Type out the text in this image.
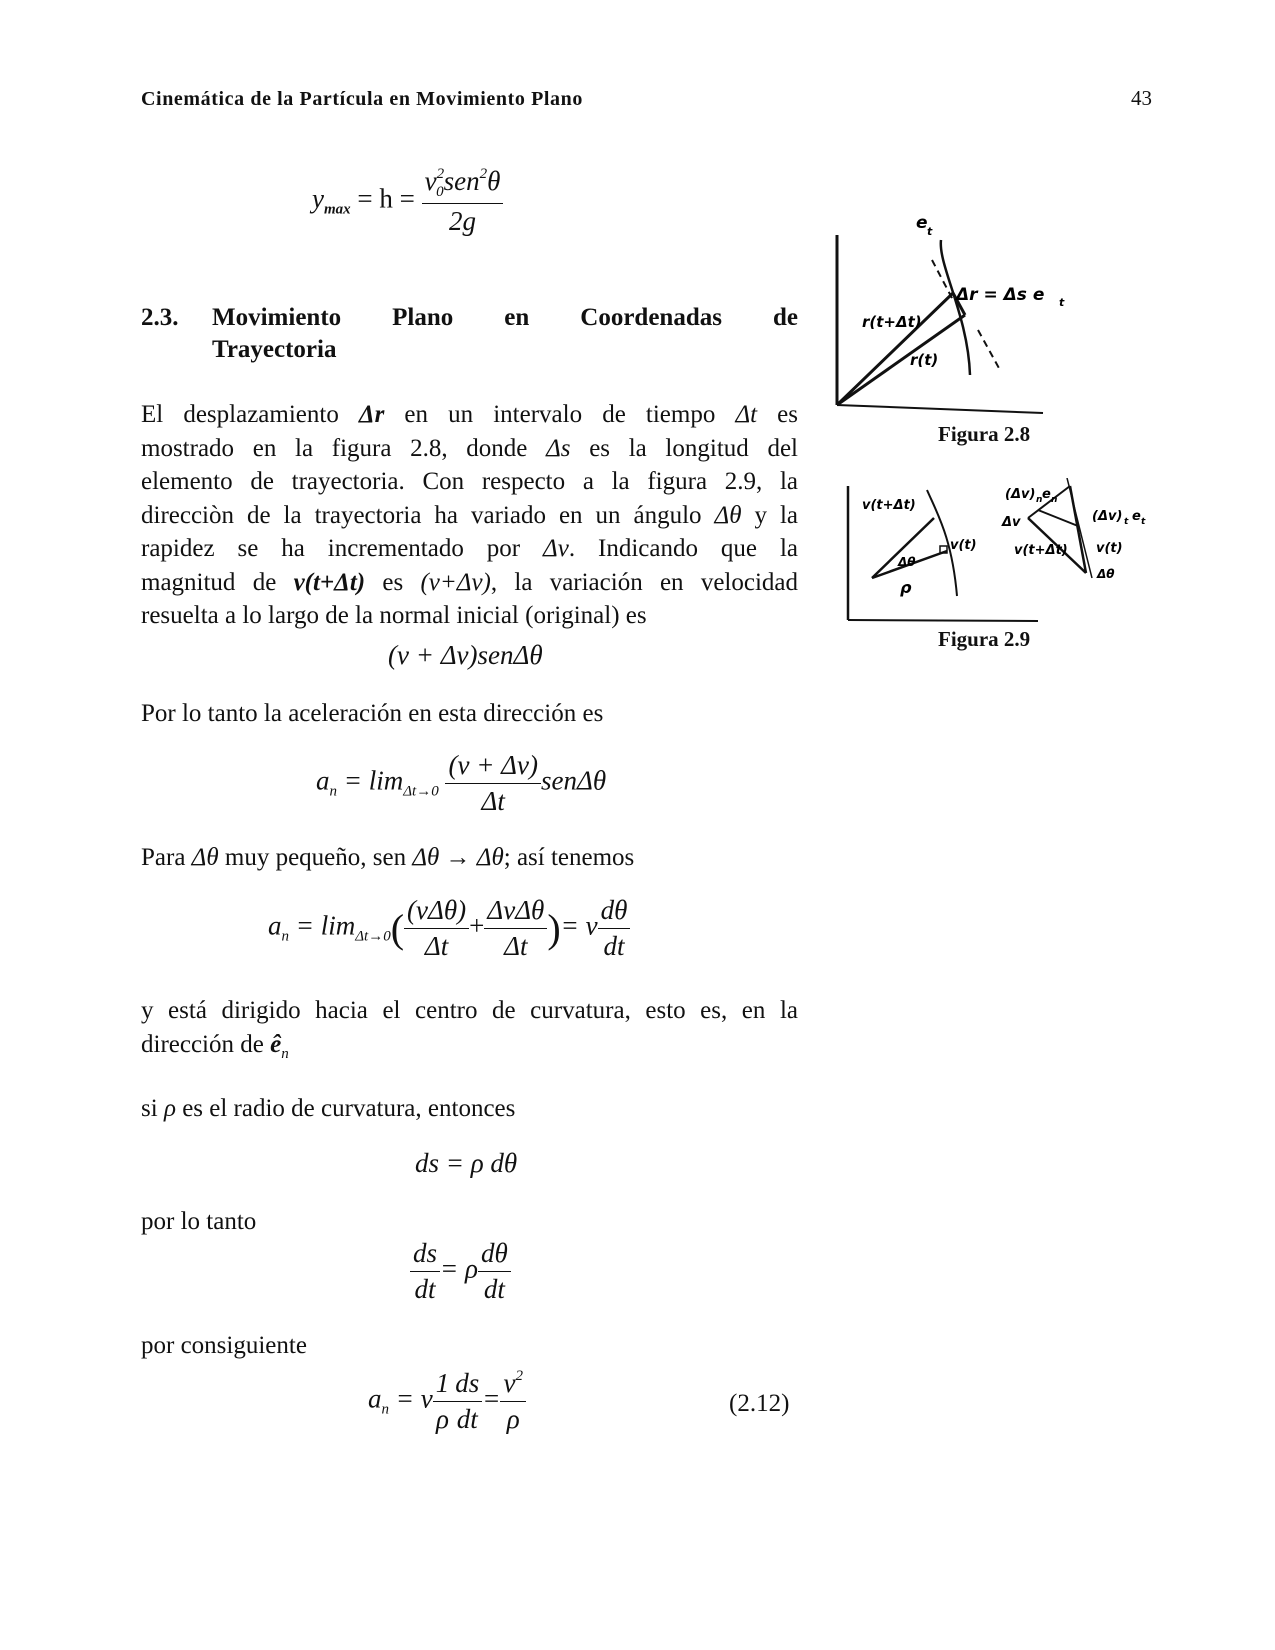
Cinemática de la Partícula en Movimiento Plano	43
$y_{max} = h = \frac{v^2_0sen^2\theta}{2g}$
2.3. Movimiento Plano en Coordenadas de
Trayectoria
El desplazamiento Δr en un intervalo de tiempo Δt es
mostrado en la figura 2.8, donde Δs es la longitud del
elemento de trayectoria. Con respecto a la figura 2.9, la
direcciòn de la trayectoria ha variado en un ángulo Δθ y la
rapidez se ha incrementado por Δv. Indicando que la
magnitud de v(t+Δt) es (v+Δv), la variación en velocidad
resuelta a lo largo de la normal inicial (original) es
(v + Δv)senΔθ
Por lo tanto la aceleración en esta dirección es
$a_n = \lim_{\Delta t\to 0} \frac{(v + \Delta v)}{\Delta t}$ senΔθ
Para Δθ muy pequeño, sen Δθ → Δθ; así tenemos
$a_n = \lim_{\Delta t\to 0}( \frac{\text{(vΔθ)}}{\Delta t} + \frac{\text{ΔvΔθ}}{\Delta t}$ )= v $\frac{d\theta}{dt}$
y está dirigido hacia el centro de curvatura, esto es, en la
dirección de $ê_n$
si ρ es el radio de curvatura, entonces
ds = ρ dθ
por lo tanto
$\frac{ds}{dt} = \rho \frac{d\theta}{dt}$
por consiguiente
$a_n = v \frac{1}{\rho} \frac{ds}{dt} = \frac{v^2}{\rho}$	(2.12)
e t
Δr = Δs e t
r(t+Δt)
r(t)
Figura 2.8
v(t+Δt)
v(t)
Δθ
ρ
(Δv) n e n
Δv	(Δv) t e t
v(t+Δt) v(t)
Δθ
Figura 2.9
